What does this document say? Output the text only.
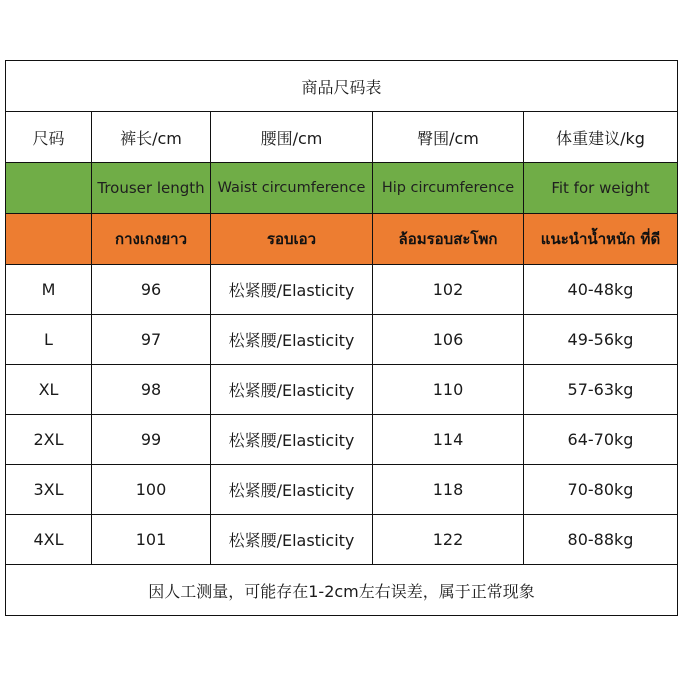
商品尺码表				
尺码	裤长/cm	腰围/cm	臀围/cm	体重建议/kg
	Trouser length	Waist circumference	Hip circumference	Fit for weight
	กางเกงยาว	รอบเอว	ล้อมรอบสะโพก	แนะนำน้ำหนัก ที่ดี
M	96	松紧腰/Elasticity	102	40-48kg
L	97	松紧腰/Elasticity	106	49-56kg
XL	98	松紧腰/Elasticity	110	57-63kg
2XL	99	松紧腰/Elasticity	114	64-70kg
3XL	100	松紧腰/Elasticity	118	70-80kg
4XL	101	松紧腰/Elasticity	122	80-88kg
因人工测量，可能存在1-2cm左右误差，属于正常现象				
